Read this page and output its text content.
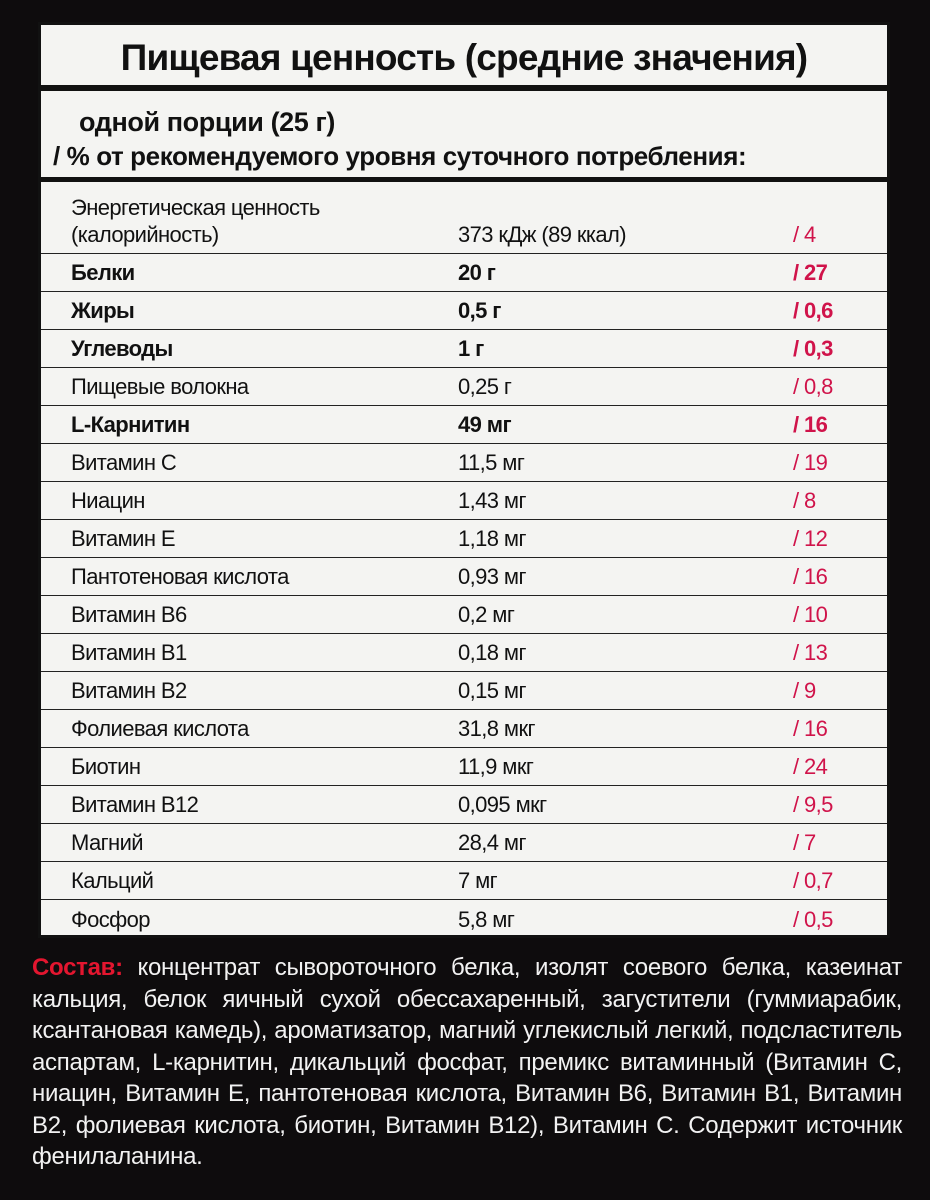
Пищевая ценность (средние значения)
одной порции (25 г)
/ % от рекомендуемого уровня суточного потребления:
Энергетическая ценность
(калорийность)	373 кДж (89 ккал)	/ 4
Белки	20 г	/ 27
Жиры	0,5 г	/ 0,6
Углеводы	1 г	/ 0,3
Пищевые волокна	0,25 г	/ 0,8
L-Карнитин	49 мг	/ 16
Витамин С	11,5 мг	/ 19
Ниацин	1,43 мг	/ 8
Витамин Е	1,18 мг	/ 12
Пантотеновая кислота	0,93 мг	/ 16
Витамин В6	0,2 мг	/ 10
Витамин В1	0,18 мг	/ 13
Витамин В2	0,15 мг	/ 9
Фолиевая кислота	31,8 мкг	/ 16
Биотин	11,9 мкг	/ 24
Витамин В12	0,095 мкг	/ 9,5
Магний	28,4 мг	/ 7
Кальций	7 мг	/ 0,7
Фосфор	5,8 мг	/ 0,5
Состав: концентрат сывороточного белка, изолят соевого белка, казеинат кальция, белок яичный сухой обессахаренный, загустители (гуммиарабик, ксантановая камедь), ароматизатор, магний углекислый легкий, подсластитель аспартам, L-карнитин, дикальций фосфат, премикс витаминный (Витамин С, ниацин, Витамин Е, пантотеновая кислота, Витамин В6, Витамин В1, Витамин В2, фолиевая кислота, биотин, Витамин В12), Витамин С. Содержит источник фенилаланина.
